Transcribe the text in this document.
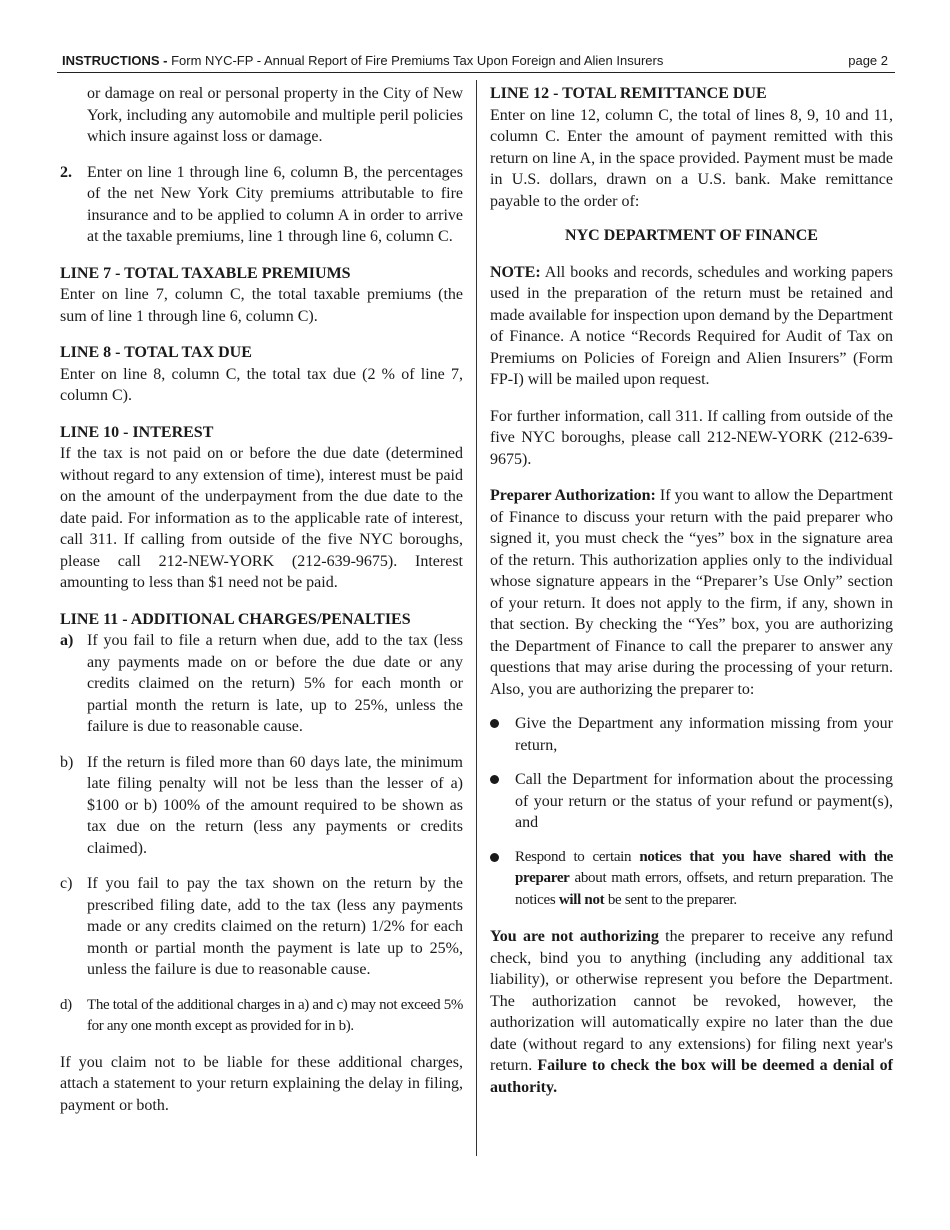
INSTRUCTIONS - Form NYC-FP - Annual Report of Fire Premiums Tax Upon Foreign and Alien Insurers	page 2

or damage on real or personal property in the City of New York, including any automobile and multiple peril policies which insure against loss or damage.

2. Enter on line 1 through line 6, column B, the percentages of the net New York City premiums attributable to fire insurance and to be applied to column A in order to arrive at the taxable premiums, line 1 through line 6, column C.

LINE 7 - TOTAL TAXABLE PREMIUMS

Enter on line 7, column C, the total taxable premiums (the sum of line 1 through line 6, column C).

LINE 8 - TOTAL TAX DUE

Enter on line 8, column C, the total tax due (2 % of line 7, column C).

LINE 10 - INTEREST

If the tax is not paid on or before the due date (determined without regard to any extension of time), interest must be paid on the amount of the underpayment from the due date to the date paid. For information as to the applicable rate of interest, call 311. If calling from outside of the five NYC boroughs, please call 212-NEW-YORK (212-639-9675). Interest amounting to less than $1 need not be paid.

LINE 11 - ADDITIONAL CHARGES/PENALTIES

a) If you fail to file a return when due, add to the tax (less any payments made on or before the due date or any credits claimed on the return) 5% for each month or partial month the return is late, up to 25%, unless the failure is due to reasonable cause.

b) If the return is filed more than 60 days late, the minimum late filing penalty will not be less than the lesser of a) $100 or b) 100% of the amount required to be shown as tax due on the return (less any payments or credits claimed).

c) If you fail to pay the tax shown on the return by the prescribed filing date, add to the tax (less any payments made or any credits claimed on the return) 1/2% for each month or partial month the payment is late up to 25%, unless the failure is due to reasonable cause.

d) The total of the additional charges in a) and c) may not exceed 5% for any one month except as provided for in b).

If you claim not to be liable for these additional charges, attach a statement to your return explaining the delay in filing, payment or both.

LINE 12 - TOTAL REMITTANCE DUE

Enter on line 12, column C, the total of lines 8, 9, 10 and 11, column C. Enter the amount of payment remitted with this return on line A, in the space provided. Payment must be made in U.S. dollars, drawn on a U.S. bank. Make remittance payable to the order of:

NYC DEPARTMENT OF FINANCE

NOTE: All books and records, schedules and working papers used in the preparation of the return must be retained and made available for inspection upon demand by the Department of Finance. A notice “Records Required for Audit of Tax on Premiums on Policies of Foreign and Alien Insurers” (Form FP-I) will be mailed upon request.

For further information, call 311. If calling from outside of the five NYC boroughs, please call 212-NEW-YORK (212-639-9675).

Preparer Authorization: If you want to allow the Department of Finance to discuss your return with the paid preparer who signed it, you must check the “yes” box in the signature area of the return. This authorization applies only to the individual whose signature appears in the “Preparer’s Use Only” section of your return. It does not apply to the firm, if any, shown in that section. By checking the “Yes” box, you are authorizing the Department of Finance to call the preparer to answer any questions that may arise during the processing of your return. Also, you are authorizing the preparer to:

Give the Department any information missing from your return,

Call the Department for information about the processing of your return or the status of your refund or payment(s), and

Respond to certain notices that you have shared with the preparer about math errors, offsets, and return preparation. The notices will not be sent to the preparer.

You are not authorizing the preparer to receive any refund check, bind you to anything (including any additional tax liability), or otherwise represent you before the Department. The authorization cannot be revoked, however, the authorization will automatically expire no later than the due date (without regard to any extensions) for filing next year's return. Failure to check the box will be deemed a denial of authority.
